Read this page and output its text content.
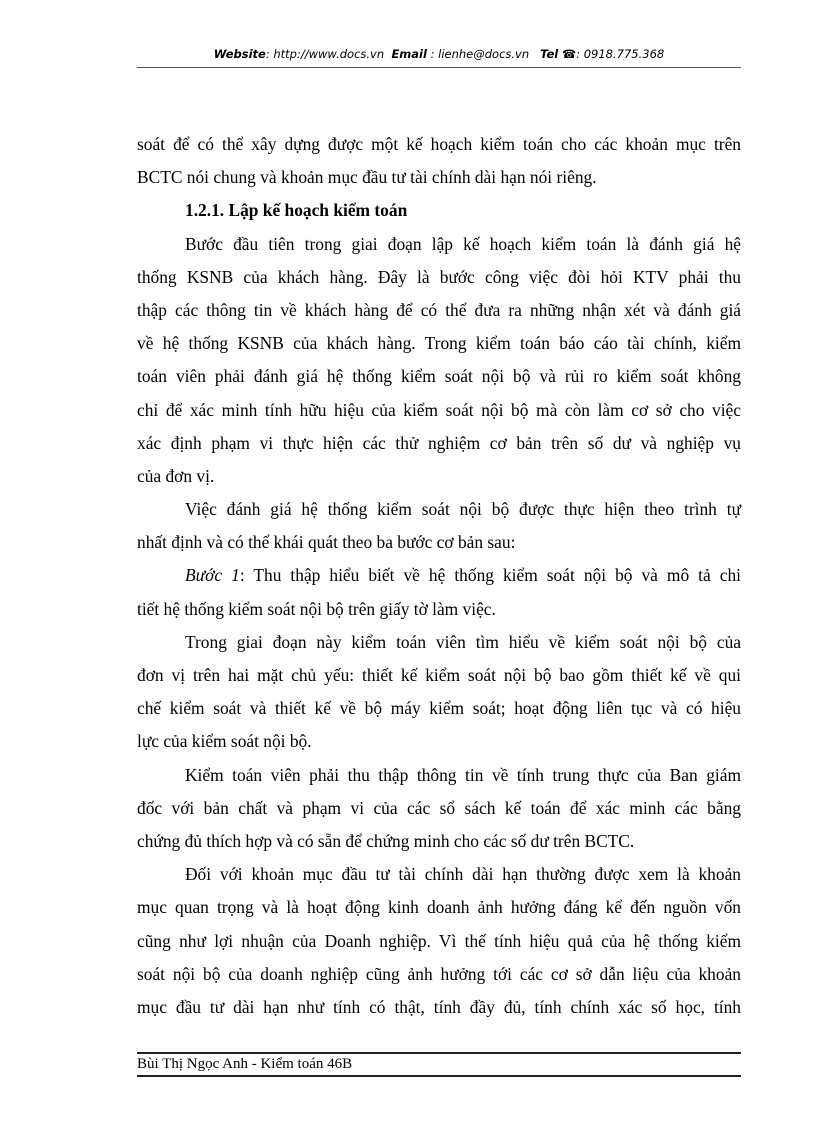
Website: http://www.docs.vn Email : lienhe@docs.vn Tel ☎: 0918.775.368
soát để có thể xây dựng được một kế hoạch kiểm toán cho các khoản mục trên
BCTC nói chung và khoản mục đầu tư tài chính dài hạn nói riêng.
1.2.1. Lập kế hoạch kiểm toán
Bước đầu tiên trong giai đoạn lập kế hoạch kiểm toán là đánh giá hệ
thống KSNB của khách hàng. Đây là bước công việc đòi hỏi KTV phải thu
thập các thông tin về khách hàng để có thể đưa ra những nhận xét và đánh giá
về hệ thống KSNB của khách hàng. Trong kiểm toán báo cáo tài chính, kiểm
toán viên phải đánh giá hệ thống kiểm soát nội bộ và rủi ro kiểm soát không
chỉ để xác minh tính hữu hiệu của kiểm soát nội bộ mà còn làm cơ sở cho việc
xác định phạm vi thực hiện các thử nghiệm cơ bản trên số dư và nghiệp vụ
của đơn vị.
Việc đánh giá hệ thống kiểm soát nội bộ được thực hiện theo trình tự
nhất định và có thể khái quát theo ba bước cơ bản sau:
Bước 1: Thu thập hiểu biết về hệ thống kiểm soát nội bộ và mô tả chi
tiết hệ thống kiểm soát nội bộ trên giấy tờ làm việc.
Trong giai đoạn này kiểm toán viên tìm hiểu về kiểm soát nội bộ của
đơn vị trên hai mặt chủ yếu: thiết kế kiểm soát nội bộ bao gồm thiết kế về qui
chế kiểm soát và thiết kế về bộ máy kiểm soát; hoạt động liên tục và có hiệu
lực của kiểm soát nội bộ.
Kiểm toán viên phải thu thập thông tin về tính trung thực của Ban giám
đốc với bản chất và phạm vi của các sổ sách kế toán để xác minh các bằng
chứng đủ thích hợp và có sẵn để chứng minh cho các số dư trên BCTC.
Đối với khoản mục đầu tư tài chính dài hạn thường được xem là khoản
mục quan trọng và là hoạt động kinh doanh ảnh hưởng đáng kể đến nguồn vốn
cũng như lợi nhuận của Doanh nghiệp. Vì thế tính hiệu quả của hệ thống kiểm
soát nội bộ của doanh nghiệp cũng ảnh hưởng tới các cơ sở dẫn liệu của khoản
mục đầu tư dài hạn như tính có thật, tính đầy đủ, tính chính xác số học, tính
Bùi Thị Ngọc Anh - Kiểm toán 46B
